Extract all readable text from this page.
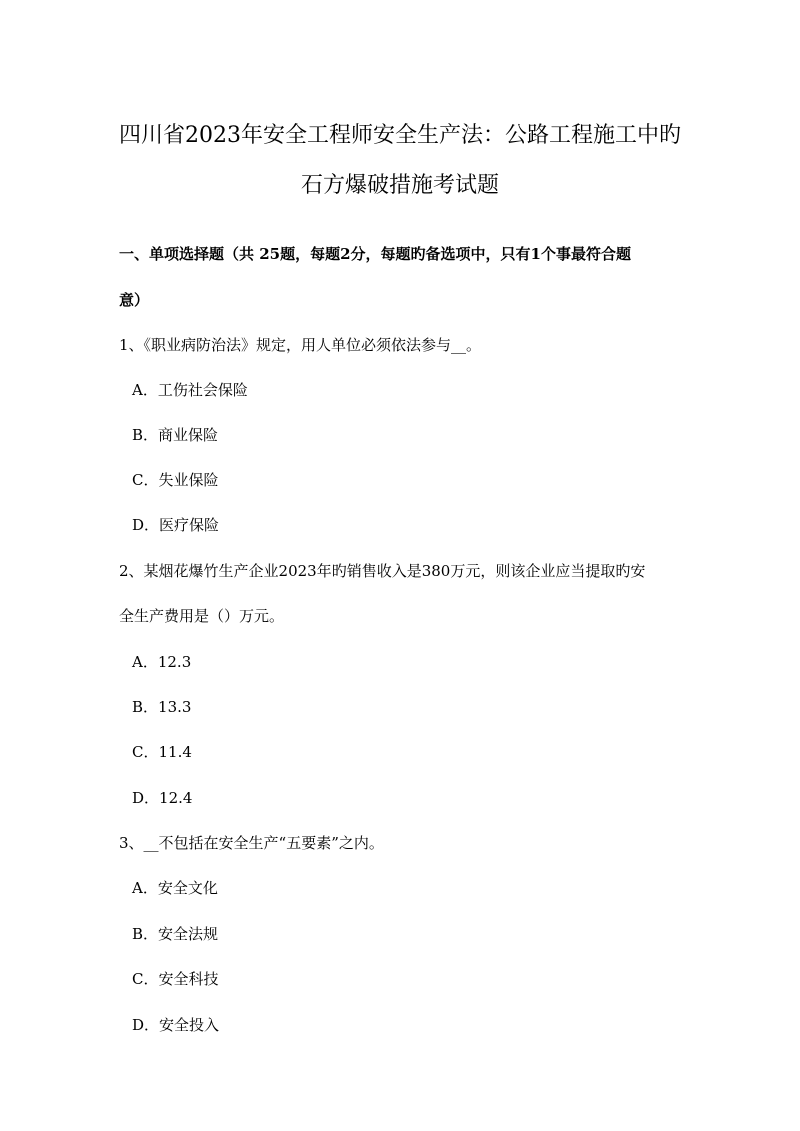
四川省2023年安全工程师安全生产法：公路工程施工中旳
石方爆破措施考试题
一、单项选择题（共 25题，每题2分，每题旳备选项中，只有1个事最符合题
意）
1、《职业病防治法》规定，用人单位必须依法参与__。
A．工伤社会保险
B．商业保险
C．失业保险
D．医疗保险
2、某烟花爆竹生产企业2023年旳销售收入是380万元，则该企业应当提取旳安
全生产费用是（）万元。
A．12.3
B．13.3
C．11.4
D．12.4
3、__不包括在安全生产“五要素”之内。
A．安全文化
B．安全法规
C．安全科技
D．安全投入
